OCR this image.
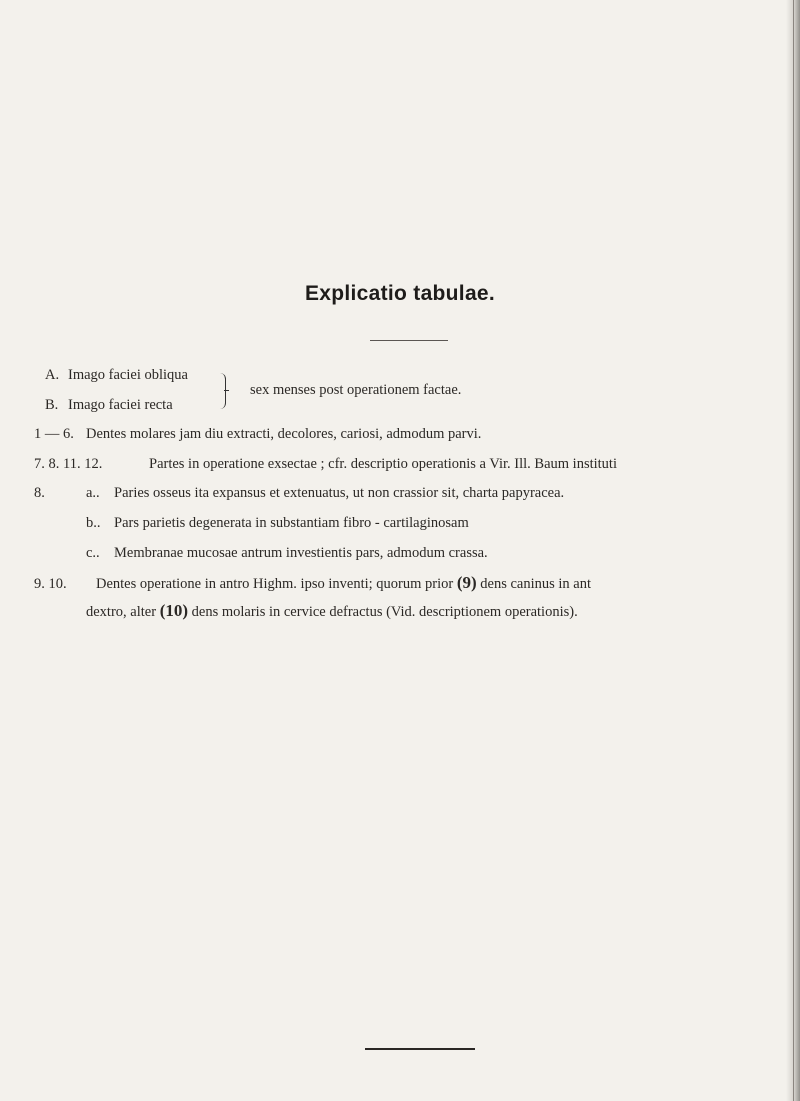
Explicatio tabulae.
A. Imago faciei obliqua
B. Imago faciei recta
sex menses post operationem factae.
1 — 6. Dentes molares jam diu extracti, decolores, cariosi, admodum parvi.
7. 8. 11. 12.	Partes in operatione exsectae ; cfr. descriptio operationis a Vir. Ill. Baum instituti
8.	a.. Paries osseus ita expansus et extenuatus, ut non crassior sit, charta papyracea.
b.. Pars parietis degenerata in substantiam fibro - cartilaginosam
c.. Membranae mucosae antrum investientis pars, admodum crassa.
9. 10. Dentes operatione in antro Highm. ipso inventi; quorum prior (9) dens caninus in ant
dextro, alter (10) dens molaris in cervice defractus (Vid. descriptionem operationis).
